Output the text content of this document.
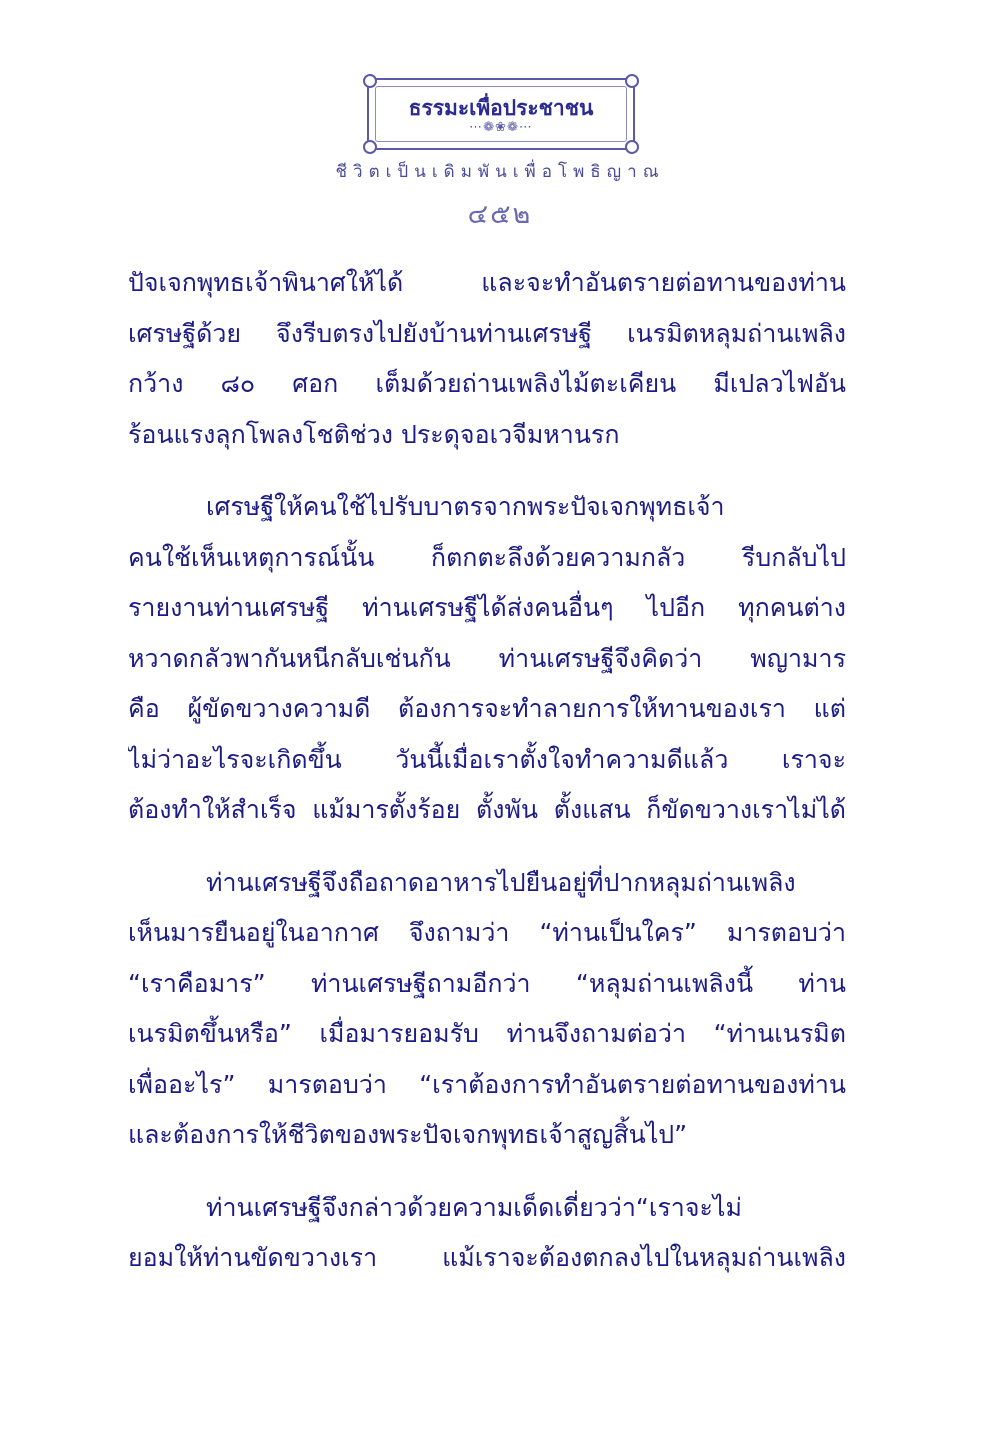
ธรรมะเพื่อประชาชน
⋯❁❀❁⋯
ชีวิตเป็นเดิมพันเพื่อโพธิญาณ
๔๕๒
ปัจเจกพุทธเจ้าพินาศให้ได้ และจะทำอันตรายต่อทานของท่าน
เศรษฐีด้วย จึงรีบตรงไปยังบ้านท่านเศรษฐี เนรมิตหลุมถ่านเพลิง
กว้าง ๘๐ ศอก เต็มด้วยถ่านเพลิงไม้ตะเคียน มีเปลวไฟอัน
ร้อนแรงลุกโพลงโชติช่วง ประดุจอเวจีมหานรก
เศรษฐีให้คนใช้ไปรับบาตรจากพระปัจเจกพุทธเจ้า
คนใช้เห็นเหตุการณ์นั้น ก็ตกตะลึงด้วยความกลัว รีบกลับไป
รายงานท่านเศรษฐี ท่านเศรษฐีได้ส่งคนอื่นๆ ไปอีก ทุกคนต่าง
หวาดกลัวพากันหนีกลับเช่นกัน ท่านเศรษฐีจึงคิดว่า พญามาร
คือ ผู้ขัดขวางความดี ต้องการจะทำลายการให้ทานของเรา แต่
ไม่ว่าอะไรจะเกิดขึ้น วันนี้เมื่อเราตั้งใจทำความดีแล้ว เราจะ
ต้องทำให้สำเร็จ แม้มารตั้งร้อย ตั้งพัน ตั้งแสน ก็ขัดขวางเราไม่ได้
ท่านเศรษฐีจึงถือถาดอาหารไปยืนอยู่ที่ปากหลุมถ่านเพลิง
เห็นมารยืนอยู่ในอากาศ จึงถามว่า “ท่านเป็นใคร” มารตอบว่า
“เราคือมาร” ท่านเศรษฐีถามอีกว่า “หลุมถ่านเพลิงนี้ ท่าน
เนรมิตขึ้นหรือ” เมื่อมารยอมรับ ท่านจึงถามต่อว่า “ท่านเนรมิต
เพื่ออะไร” มารตอบว่า “เราต้องการทำอันตรายต่อทานของท่าน
และต้องการให้ชีวิตของพระปัจเจกพุทธเจ้าสูญสิ้นไป”
ท่านเศรษฐีจึงกล่าวด้วยความเด็ดเดี่ยวว่า“เราจะไม่
ยอมให้ท่านขัดขวางเรา แม้เราจะต้องตกลงไปในหลุมถ่านเพลิง
